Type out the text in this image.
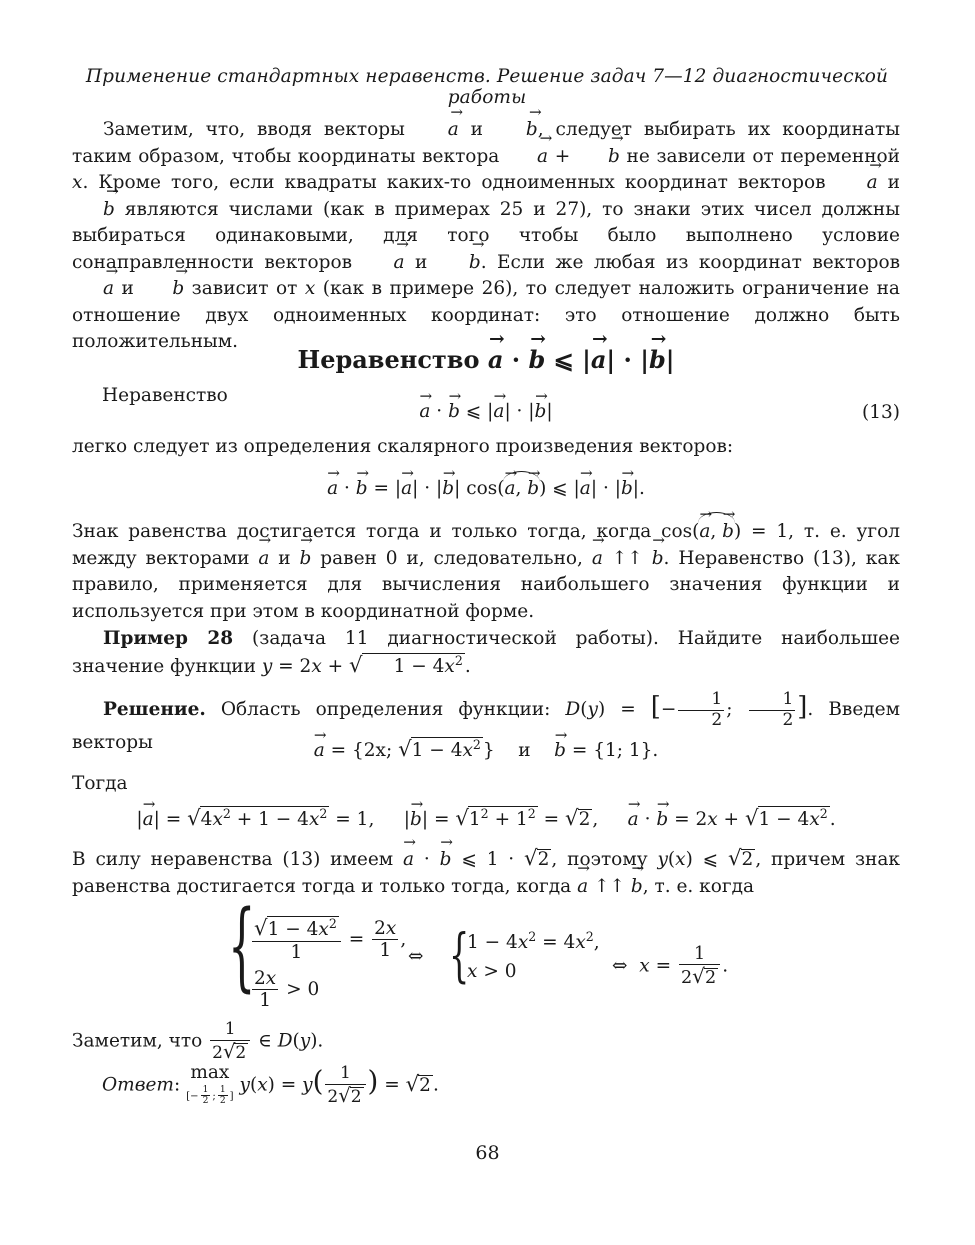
Применение стандартных неравенств. Решение задач 7—12 диагностической работы
Заметим, что, вводя векторы → a и → b, следует выбирать их координаты таким образом, чтобы координаты вектора → a + → b не зависели от переменной x. Кроме того, если квадраты каких-то одноименных координат векторов → a и → b являются числами (как в примерах 25 и 27), то знаки этих чисел должны выбираться одинаковыми, для того чтобы было выполнено условие сонаправленности векторов → a и → b. Если же любая из координат векторов → a и → b зависит от x (как в примере 26), то следует наложить ограничение на отношение двух одноименных координат: это отношение должно быть положительным.
Неравенство → a · → b ⩽ |→ a| · |→ b|
Неравенство
→ a · → b ⩽ |→ a| · |→ b|	(13)
легко следует из определения скалярного произведения векторов:
→ a · → b = |→ a| · |→ b| cos(→ a, → b) ⩽ |→ a| · |→ b|.
Знак равенства достигается тогда и только тогда, когда cos(→ a, → b) = 1, т. е. угол между векторами → a и → b равен 0 и, следовательно, → a ↑↑ → b. Неравенство (13), как правило, применяется для вычисления наибольшего значения функции и используется при этом в координатной форме.
Пример 28 (задача 11 диагностической работы). Найдите наибольшее значение функции y = 2x + √ $1 - 4x^2$ .
Решение. Область определения функции: D(y) = [− $\frac{1}{2}$ ; $\frac{1}{2}$ ]. Введем векторы	→ a = {2x; $√1 - 4x^2$ } и → b = {1; 1}.
Тогда
|→ $a| = √4x^2 + 1 - 4x^2 = 1$,     |→ $b| = √1^2 + 1^2 = √2$ ,     → a · → $b = 2x + √1 - 4x^2$ .
В силу неравенства (13) имеем → a · → b ⩽ 1 · √2 , поэтому y(x) ⩽ √2 , причем знак равенства достигается тогда и только тогда, когда → a ↑↑ → b, т. е. когда
{
$\frac{√1 - 4x^2}{1} = \frac{2x}{1}$ ,
$\frac{2x}{1} > 0$
⇔ {
$1 - 4x^2 = 4x^2$,
x > 0	⇔  $x = \frac{1}{2√2}$ .
Заметим, что $\frac{1}{2√2}$ ∈ D(y).
Ответ:
max
[− $\frac{1}{2}$ ; $\frac{1}{2}$ ]
$y(x) = y( \frac{1}{2√2}$ ) = √2 .
68
